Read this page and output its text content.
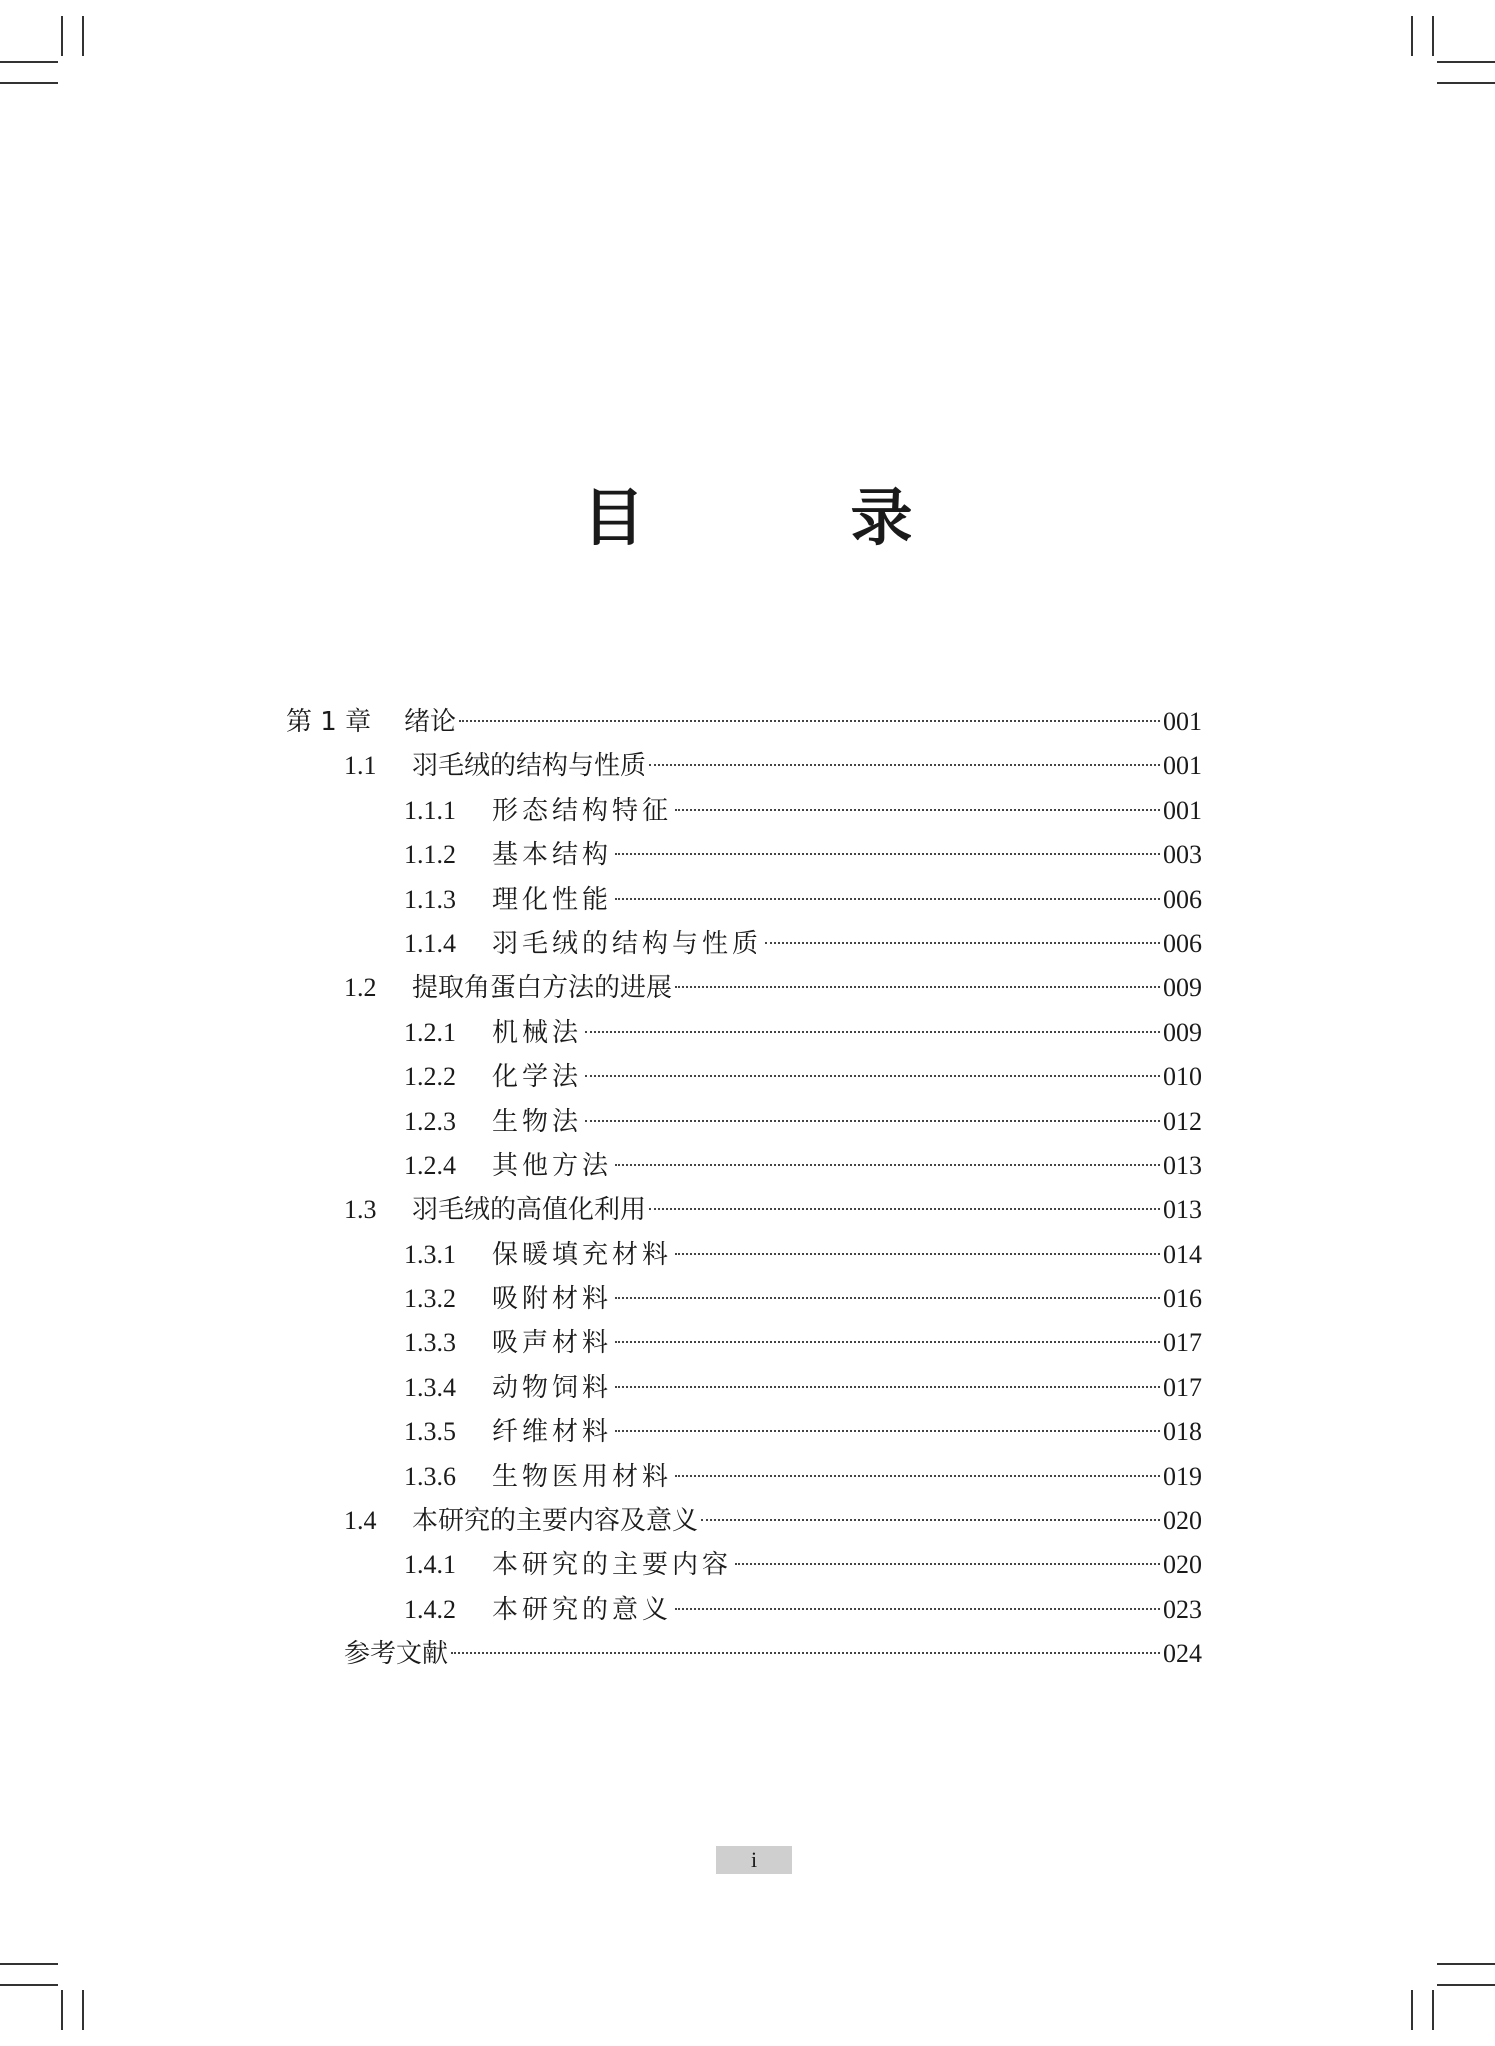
目　录
第 1 章	绪论	001
1.1	羽毛绒的结构与性质	001
1.1.1	形态结构特征	001
1.1.2	基本结构	003
1.1.3	理化性能	006
1.1.4	羽毛绒的结构与性质	006
1.2	提取角蛋白方法的进展	009
1.2.1	机械法	009
1.2.2	化学法	010
1.2.3	生物法	012
1.2.4	其他方法	013
1.3	羽毛绒的高值化利用	013
1.3.1	保暖填充材料	014
1.3.2	吸附材料	016
1.3.3	吸声材料	017
1.3.4	动物饲料	017
1.3.5	纤维材料	018
1.3.6	生物医用材料	019
1.4	本研究的主要内容及意义	020
1.4.1	本研究的主要内容	020
1.4.2	本研究的意义	023
参考文献	024
i
